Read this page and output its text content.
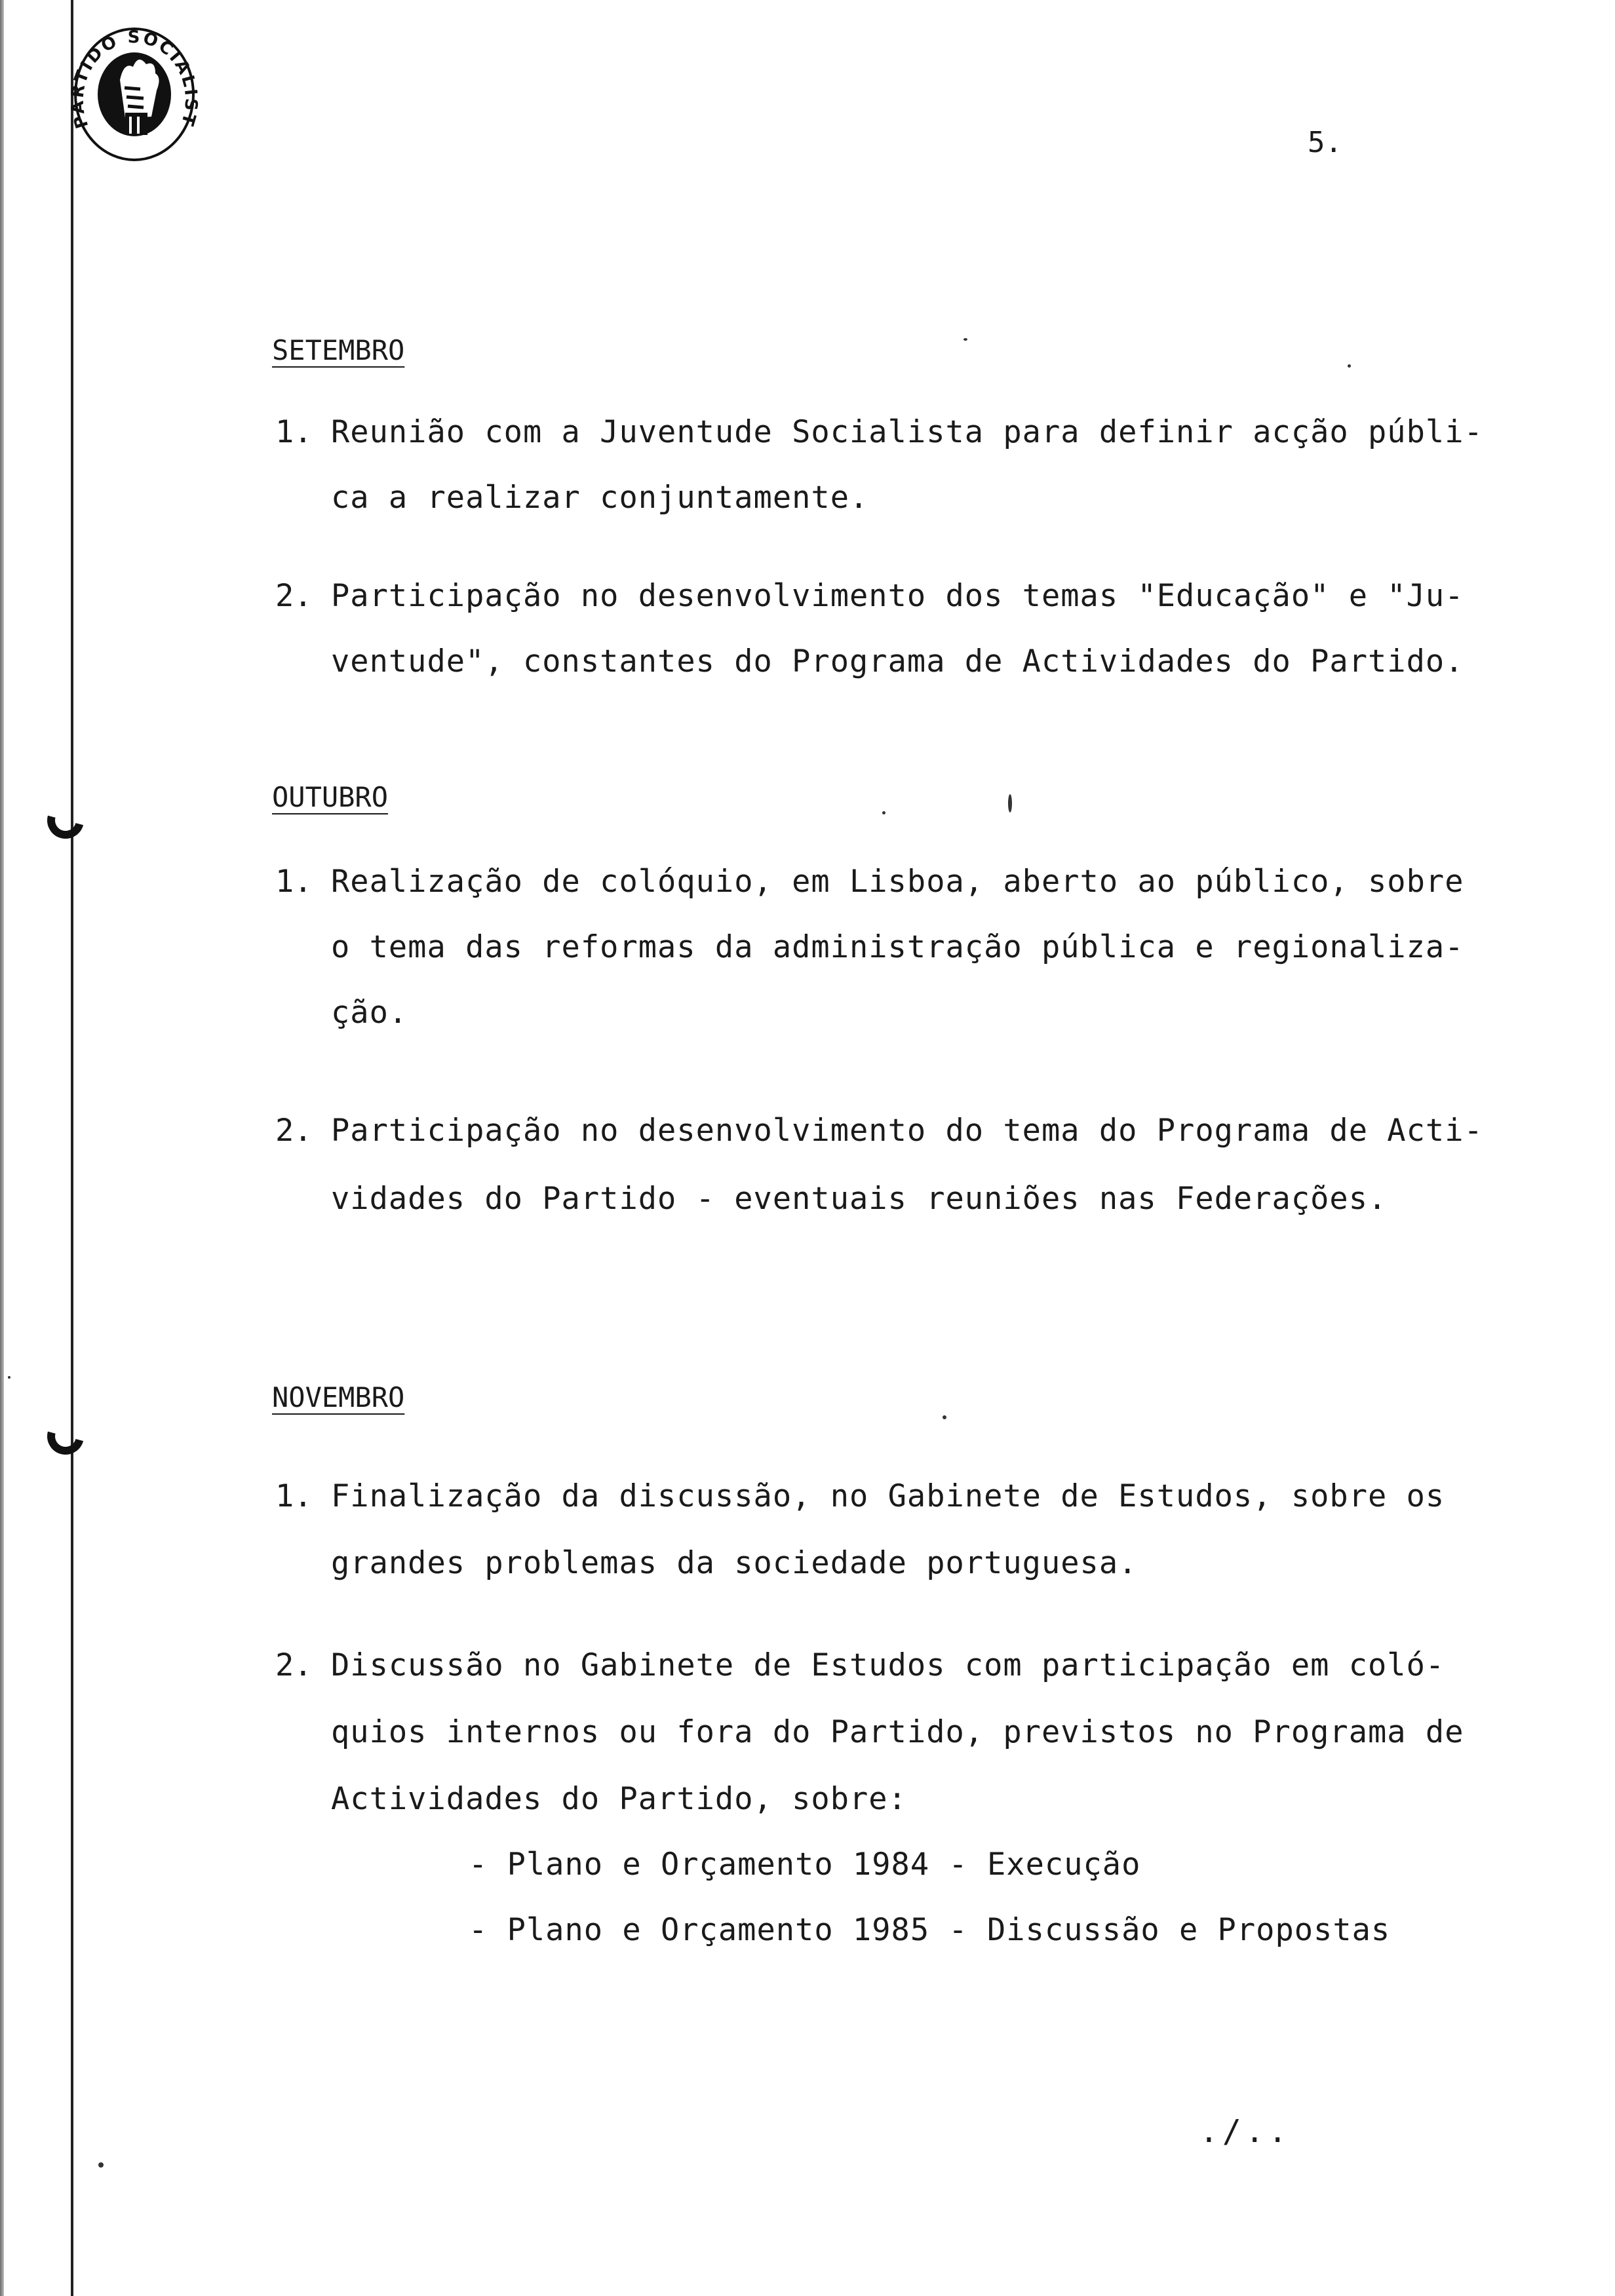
PARTIDO SOCIALIST
5.
SETEMBRO
1. Reunião com a Juventude Socialista para definir acção públi-
ca a realizar conjuntamente.
2. Participação no desenvolvimento dos temas "Educação" e "Ju-
ventude", constantes do Programa de Actividades do Partido.
OUTUBRO
1. Realização de colóquio, em Lisboa, aberto ao público, sobre
o tema das reformas da administração pública e regionaliza-
ção.
2. Participação no desenvolvimento do tema do Programa de Acti-
vidades do Partido - eventuais reuniões nas Federações.
NOVEMBRO
1. Finalização da discussão, no Gabinete de Estudos, sobre os
grandes problemas da sociedade portuguesa.
2. Discussão no Gabinete de Estudos com participação em coló-
quios internos ou fora do Partido, previstos no Programa de
Actividades do Partido, sobre:
- Plano e Orçamento 1984 - Execução
- Plano e Orçamento 1985 - Discussão e Propostas
./..
